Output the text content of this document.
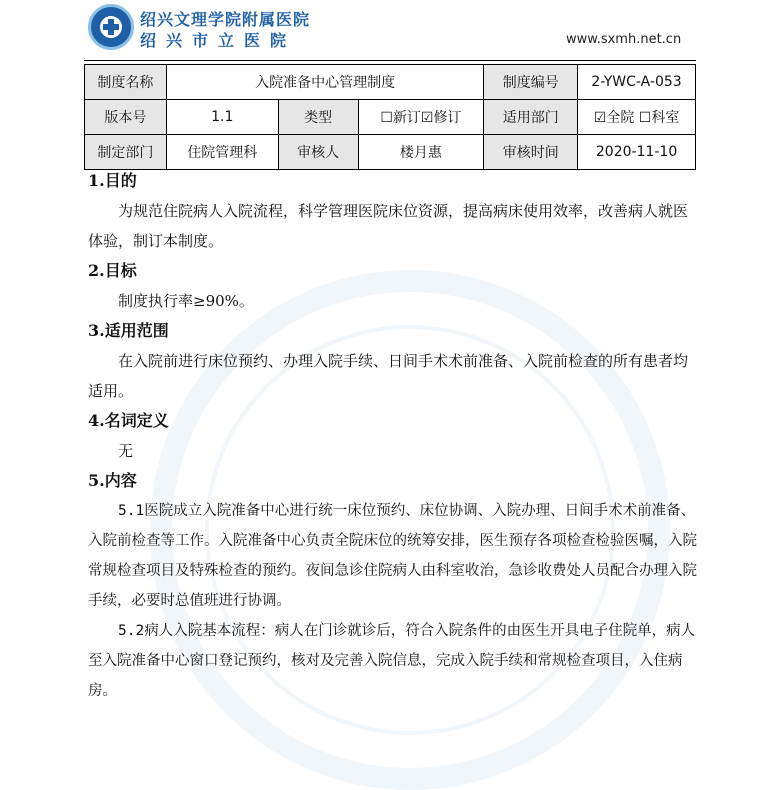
绍兴文理学院附属医院
绍兴市立医院	www.sxmh.net.cn
制度名称	入院准备中心管理制度			制度编号	2-YWC-A-053
版本号	1.1	类型	☐新订☑修订	适用部门	☑全院 ☐科室
制定部门	住院管理科	审核人	楼月惠	审核时间	2020-11-10
1.目的
为规范住院病人入院流程，科学管理医院床位资源，提高病床使用效率，改善病人就医体验，制订本制度。
2.目标
制度执行率≥90%。
3.适用范围
在入院前进行床位预约、办理入院手续、日间手术术前准备、入院前检查的所有患者均适用。
4.名词定义
无
5.内容
5.1医院成立入院准备中心进行统一床位预约、床位协调、入院办理、日间手术术前准备、入院前检查等工作。入院准备中心负责全院床位的统筹安排，医生预存各项检查检验医嘱，入院常规检查项目及特殊检查的预约。夜间急诊住院病人由科室收治，急诊收费处人员配合办理入院手续，必要时总值班进行协调。
5.2病人入院基本流程：病人在门诊就诊后，符合入院条件的由医生开具电子住院单，病人至入院准备中心窗口登记预约，核对及完善入院信息，完成入院手续和常规检查项目，入住病房。
